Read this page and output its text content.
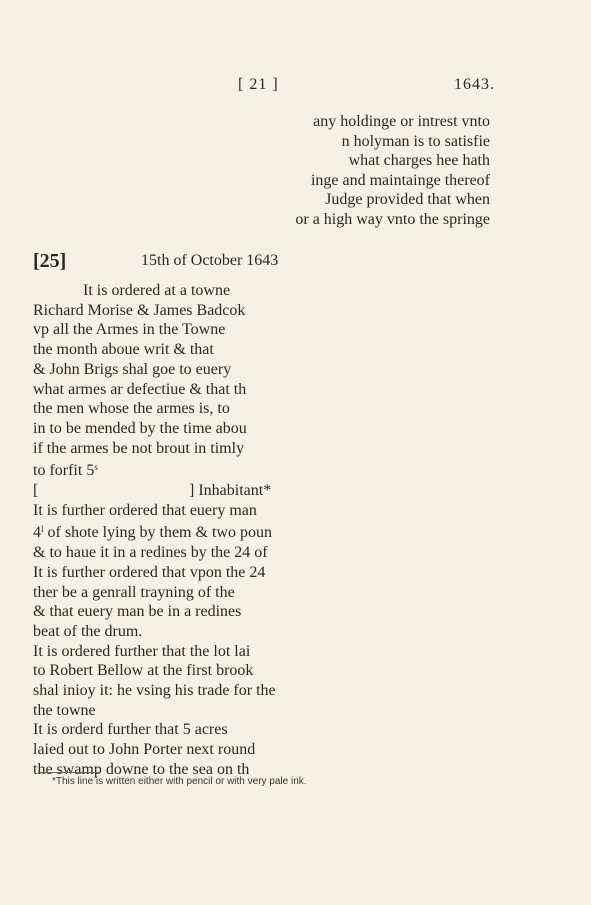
[ 21 ]	1643.
any holdinge or intrest vnto
n holyman is to satisfie
what charges hee hath
inge and maintainge thereof
Judge provided that when
or a high way vnto the springe
[25]	15th of October 1643
It is ordered at a towne
Richard Morise & James Badcok
vp all the Armes in the Towne
the month aboue writ & that
& John Brigs shal goe to euery
what armes ar defectiue & that th
the men whose the armes is, to
in to be mended by the time abou
if the armes be not brout in timly
to forfit 5$^s$
[	] Inhabitant*
It is further ordered that euery man
4$^l$ of shote lying by them & two poun
& to haue it in a redines by the 24 of
It is further ordered that vpon the 24
ther be a genrall trayning of the
& that euery man be in a redines
beat of the drum.
It is ordered further that the lot lai
to Robert Bellow at the first brook
shal inioy it: he vsing his trade for the
the towne
It is orderd further that 5 acres
laied out to John Porter next round
the swamp downe to the sea on th
*This line is written either with pencil or with very pale ink.
